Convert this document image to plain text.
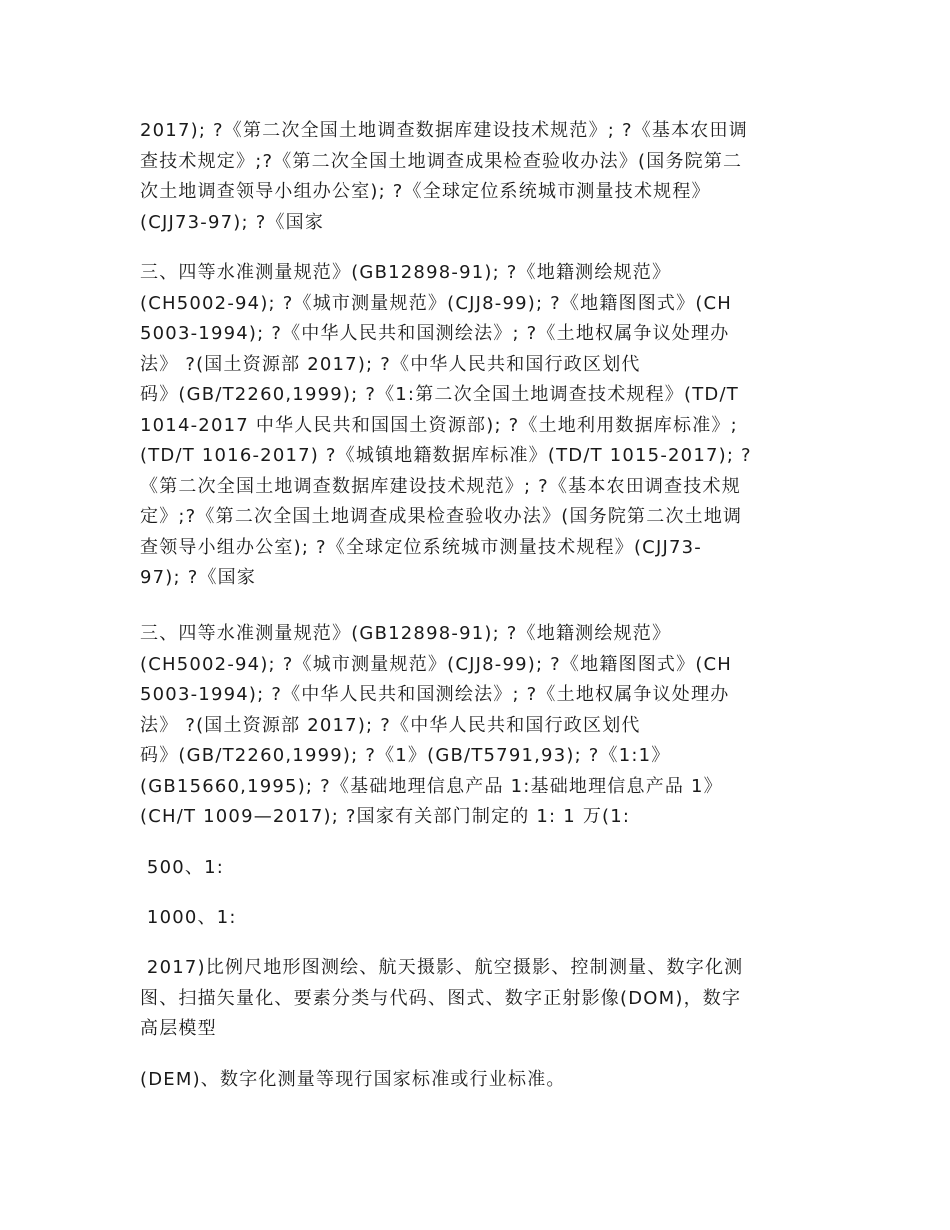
2017); ?《第二次全国土地调查数据库建设技术规范》; ?《基本农田调
查技术规定》;?《第二次全国土地调查成果检查验收办法》(国务院第二
次土地调查领导小组办公室); ?《全球定位系统城市测量技术规程》
(CJJ73-97); ?《国家
三、四等水准测量规范》(GB12898-91); ?《地籍测绘规范》
(CH5002-94); ?《城市测量规范》(CJJ8-99); ?《地籍图图式》(CH
5003-1994); ?《中华人民共和国测绘法》; ?《土地权属争议处理办
法》 ?(国土资源部 2017); ?《中华人民共和国行政区划代
码》(GB/T2260,1999); ?《1:第二次全国土地调查技术规程》(TD/T
1014-2017 中华人民共和国国土资源部); ?《土地利用数据库标准》;
(TD/T 1016-2017) ?《城镇地籍数据库标准》(TD/T 1015-2017); ?
《第二次全国土地调查数据库建设技术规范》; ?《基本农田调查技术规
定》;?《第二次全国土地调查成果检查验收办法》(国务院第二次土地调
查领导小组办公室); ?《全球定位系统城市测量技术规程》(CJJ73-
97); ?《国家
三、四等水准测量规范》(GB12898-91); ?《地籍测绘规范》
(CH5002-94); ?《城市测量规范》(CJJ8-99); ?《地籍图图式》(CH
5003-1994); ?《中华人民共和国测绘法》; ?《土地权属争议处理办
法》 ?(国土资源部 2017); ?《中华人民共和国行政区划代
码》(GB/T2260,1999); ?《1》(GB/T5791,93); ?《1:1》
(GB15660,1995); ?《基础地理信息产品 1:基础地理信息产品 1》
(CH/T 1009—2017); ?国家有关部门制定的 1: 1 万(1:
500、1:
1000、1:
2017)比例尺地形图测绘、航天摄影、航空摄影、控制测量、数字化测
图、扫描矢量化、要素分类与代码、图式、数字正射影像(DOM)，数字
高层模型
(DEM)、数字化测量等现行国家标准或行业标准。
